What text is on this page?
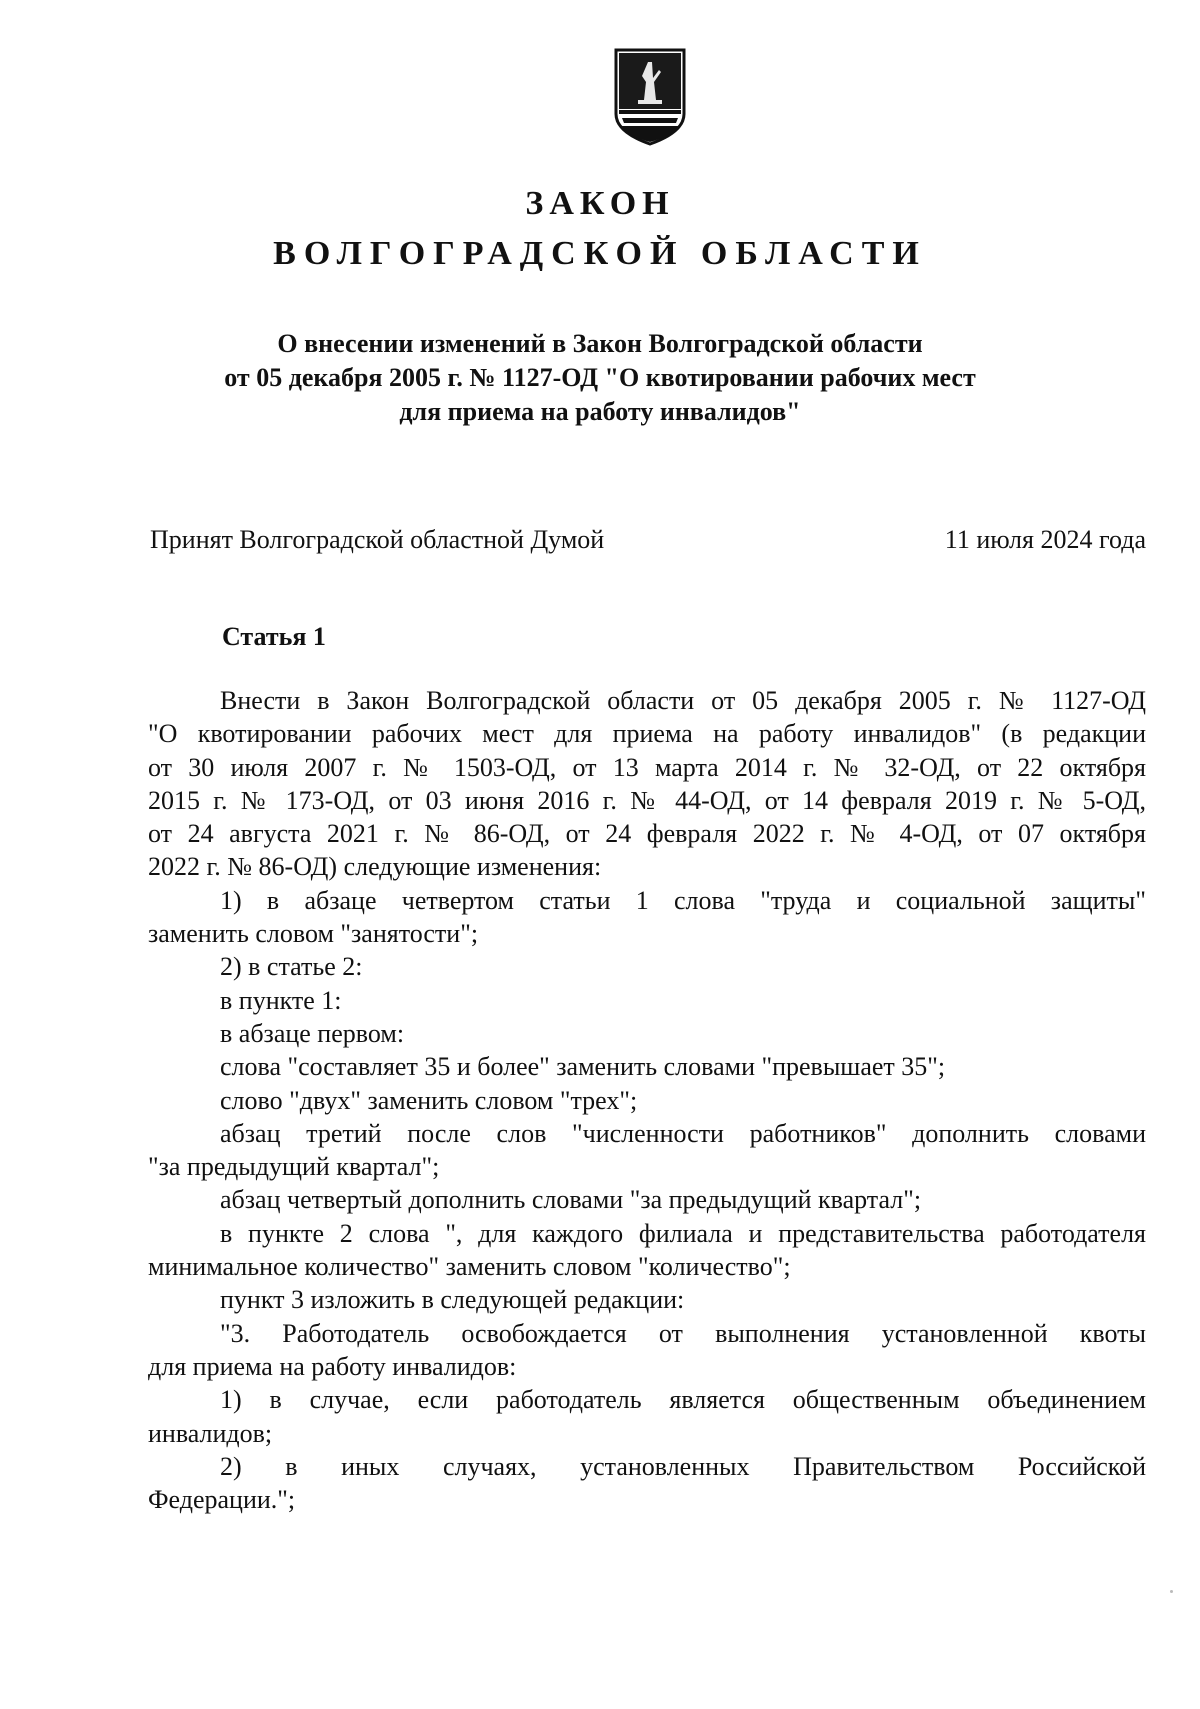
ЗАКОН
ВОЛГОГРАДСКОЙ ОБЛАСТИ
О внесении изменений в Закон Волгоградской области
от 05 декабря 2005 г. № 1127-ОД "О квотировании рабочих мест
для приема на работу инвалидов"
Принят Волгоградской областной Думой	11 июля 2024 года
Статья 1
Внести в Закон Волгоградской области от 05 декабря 2005 г. № 1127-ОД
"О квотировании рабочих мест для приема на работу инвалидов" (в редакции
от 30 июля 2007 г. № 1503-ОД, от 13 марта 2014 г. № 32-ОД, от 22 октября
2015 г. № 173-ОД, от 03 июня 2016 г. № 44-ОД, от 14 февраля 2019 г. № 5-ОД,
от 24 августа 2021 г. № 86-ОД, от 24 февраля 2022 г. № 4-ОД, от 07 октября
2022 г. № 86-ОД) следующие изменения:
1) в абзаце четвертом статьи 1 слова "труда и социальной защиты"
заменить словом "занятости";
2) в статье 2:
в пункте 1:
в абзаце первом:
слова "составляет 35 и более" заменить словами "превышает 35";
слово "двух" заменить словом "трех";
абзац третий после слов "численности работников" дополнить словами
"за предыдущий квартал";
абзац четвертый дополнить словами "за предыдущий квартал";
в пункте 2 слова ", для каждого филиала и представительства работодателя
минимальное количество" заменить словом "количество";
пункт 3 изложить в следующей редакции:
"3. Работодатель освобождается от выполнения установленной квоты
для приема на работу инвалидов:
1) в случае, если работодатель является общественным объединением
инвалидов;
2) в иных случаях, установленных Правительством Российской
Федерации.";
